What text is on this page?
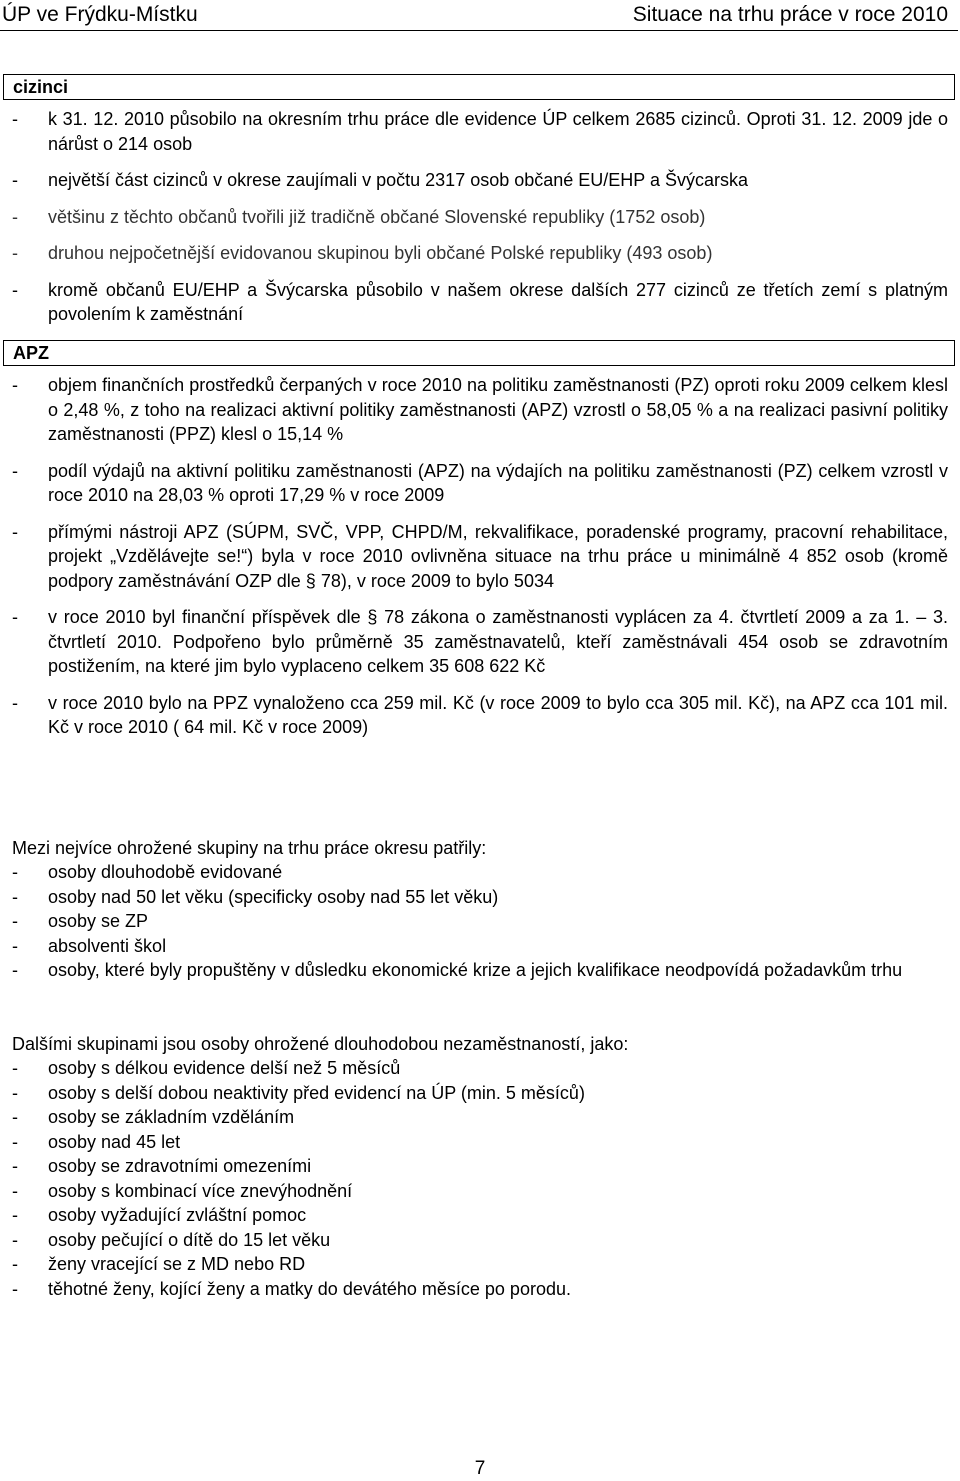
ÚP ve Frýdku-Místku	Situace na trhu práce v roce 2010
cizinci
- k 31. 12. 2010 působilo na okresním trhu práce dle evidence ÚP celkem 2685 cizinců. Oproti 31. 12. 2009 jde o nárůst o 214 osob
- největší část cizinců v okrese zaujímali v počtu 2317 osob občané EU/EHP a Švýcarska
- většinu z těchto občanů tvořili již tradičně občané Slovenské republiky (1752 osob)
- druhou nejpočetnější evidovanou skupinou byli občané Polské republiky (493 osob)
- kromě občanů EU/EHP a Švýcarska působilo v našem okrese dalších 277 cizinců ze třetích zemí s platným povolením k zaměstnání
APZ
- objem finančních prostředků čerpaných v roce 2010 na politiku zaměstnanosti (PZ) oproti roku 2009 celkem klesl o 2,48 %, z toho na realizaci aktivní politiky zaměstnanosti (APZ) vzrostl o 58,05 % a na realizaci pasivní politiky zaměstnanosti (PPZ) klesl o 15,14 %
- podíl výdajů na aktivní politiku zaměstnanosti (APZ) na výdajích na politiku zaměstnanosti (PZ) celkem vzrostl v roce 2010 na 28,03 % oproti 17,29 % v roce 2009
- přímými nástroji APZ (SÚPM, SVČ, VPP, CHPD/M, rekvalifikace, poradenské programy, pracovní rehabilitace, projekt „Vzdělávejte se!“) byla v roce 2010 ovlivněna situace na trhu práce u minimálně 4 852 osob (kromě podpory zaměstnávání OZP dle § 78), v roce 2009 to bylo 5034
- v roce 2010 byl finanční příspěvek dle § 78 zákona o zaměstnanosti vyplácen za 4. čtvrtletí 2009 a za 1. – 3. čtvrtletí 2010. Podpořeno bylo průměrně 35 zaměstnavatelů, kteří zaměstnávali 454 osob se zdravotním postižením, na které jim bylo vyplaceno celkem 35 608 622 Kč
- v roce 2010 bylo na PPZ vynaloženo cca 259 mil. Kč (v roce 2009 to bylo cca 305 mil. Kč), na APZ cca 101 mil. Kč v roce 2010 ( 64 mil. Kč v roce 2009)

Mezi nejvíce ohrožené skupiny na trhu práce okresu patřily:

- osoby dlouhodobě evidované
- osoby nad 50 let věku (specificky osoby nad 55 let věku)
- osoby se ZP
- absolventi škol
- osoby, které byly propuštěny v důsledku ekonomické krize a jejich kvalifikace neodpovídá požadavkům trhu

Dalšími skupinami jsou osoby ohrožené dlouhodobou nezaměstnaností, jako:

- osoby s délkou evidence delší než 5 měsíců
- osoby s delší dobou neaktivity před evidencí na ÚP (min. 5 měsíců)
- osoby se základním vzděláním
- osoby nad 45 let
- osoby se zdravotními omezeními
- osoby s kombinací více znevýhodnění
- osoby vyžadující zvláštní pomoc
- osoby pečující o dítě do 15 let věku
- ženy vracející se z MD nebo RD
- těhotné ženy, kojící ženy a matky do devátého měsíce po porodu.
7
